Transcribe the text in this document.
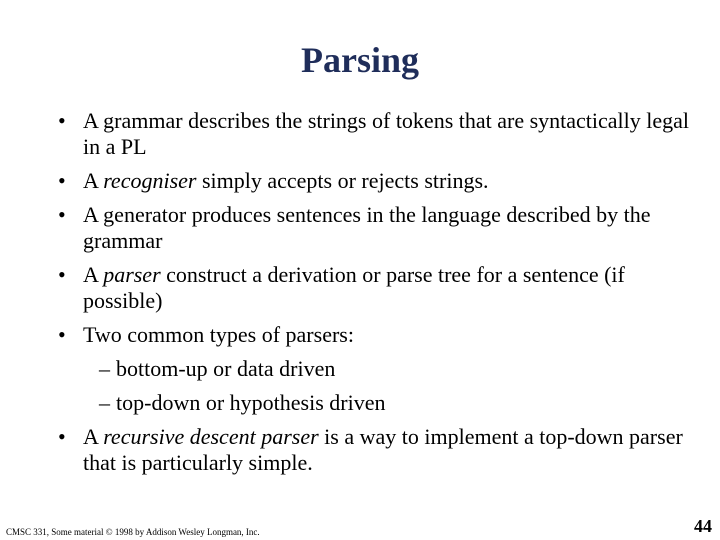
Parsing
• A grammar describes the strings of tokens that are syntactically legal in a PL
• A recogniser simply accepts or rejects strings.
• A generator produces sentences in the language described by the grammar
• A parser construct a derivation or parse tree for a sentence (if possible)
• Two common types of parsers:
– bottom-up or data driven
– top-down or hypothesis driven
• A recursive descent parser is a way to implement a top-down parser that is particularly simple.
CMSC 331, Some material © 1998 by Addison Wesley Longman, Inc.	44
